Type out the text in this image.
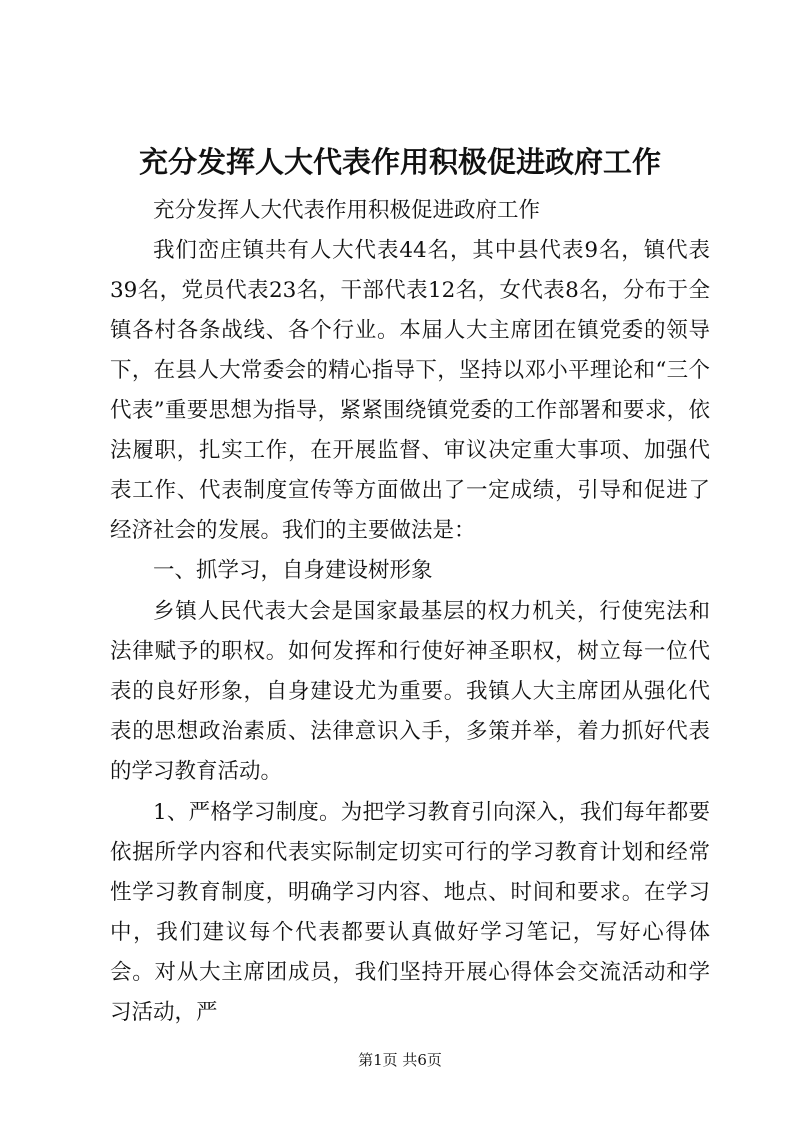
充分发挥人大代表作用积极促进政府工作

充分发挥人大代表作用积极促进政府工作

我们峦庄镇共有人大代表44名，其中县代表9名，镇代表39名，党员代表23名，干部代表12名，女代表8名，分布于全镇各村各条战线、各个行业。本届人大主席团在镇党委的领导下，在县人大常委会的精心指导下，坚持以邓小平理论和“三个代表”重要思想为指导，紧紧围绕镇党委的工作部署和要求，依法履职，扎实工作，在开展监督、审议决定重大事项、加强代表工作、代表制度宣传等方面做出了一定成绩，引导和促进了经济社会的发展。我们的主要做法是：

一、抓学习，自身建设树形象

乡镇人民代表大会是国家最基层的权力机关，行使宪法和法律赋予的职权。如何发挥和行使好神圣职权，树立每一位代表的良好形象，自身建设尤为重要。我镇人大主席团从强化代表的思想政治素质、法律意识入手，多策并举，着力抓好代表的学习教育活动。

1、严格学习制度。为把学习教育引向深入，我们每年都要依据所学内容和代表实际制定切实可行的学习教育计划和经常性学习教育制度，明确学习内容、地点、时间和要求。在学习中，我们建议每个代表都要认真做好学习笔记，写好心得体会。对从大主席团成员，我们坚持开展心得体会交流活动和学习活动，严

第1页 共6页
